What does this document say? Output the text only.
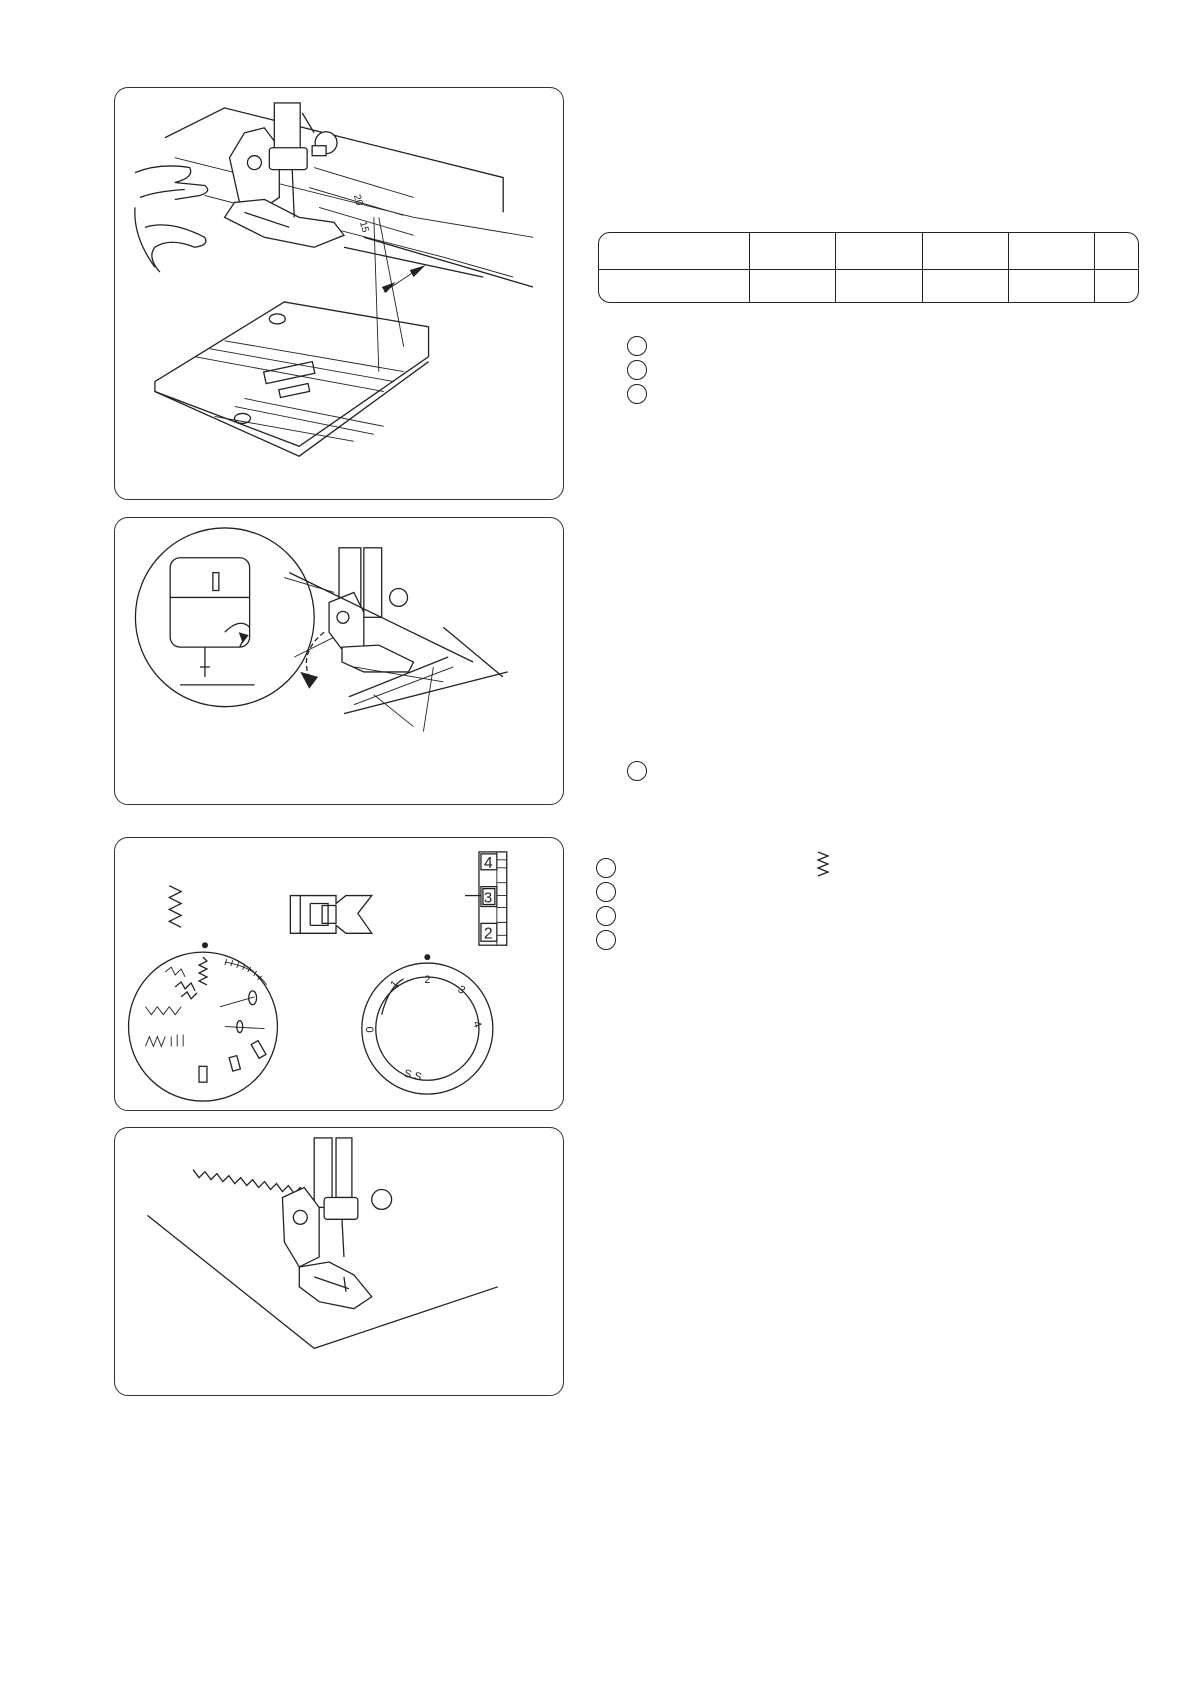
20
15
4
3
2
0
1 2
3
4
S.S
